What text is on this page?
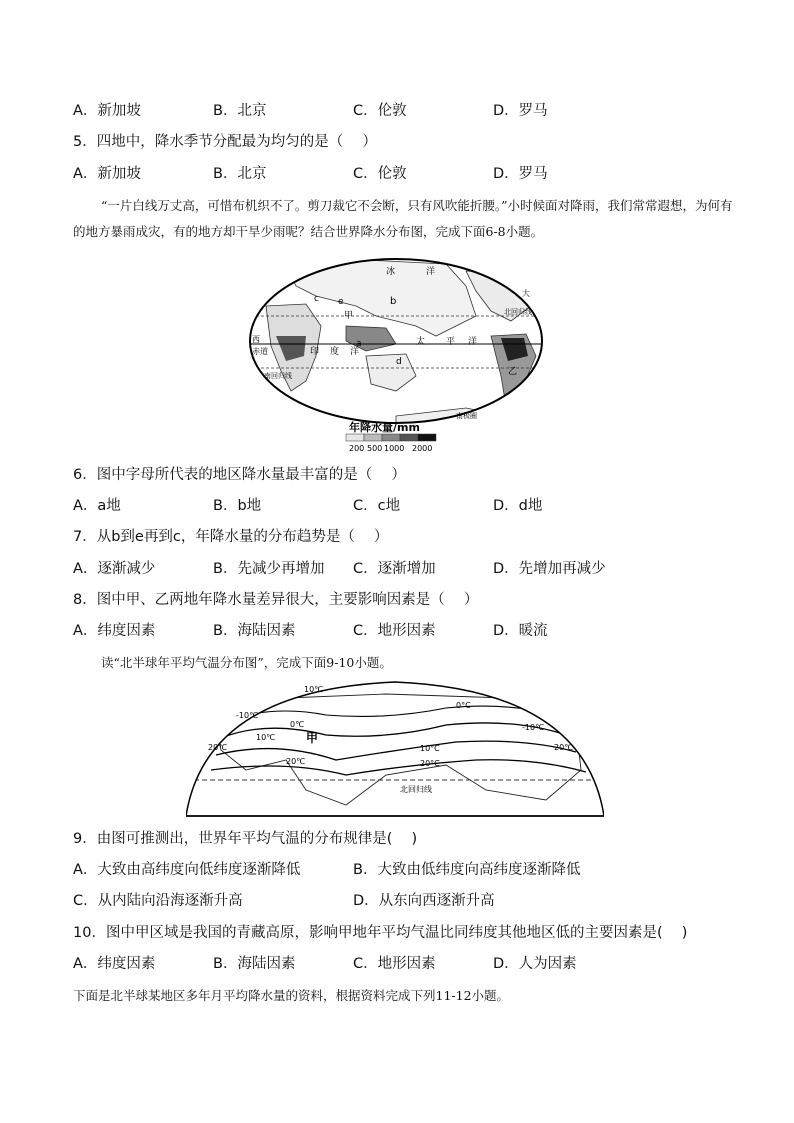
A．新加坡	B．北京	C．伦敦	D．罗马
5．四地中，降水季节分配最为均匀的是（　 ）
A．新加坡	B．北京	C．伦敦	D．罗马
“一片白线万丈高，可惜布机织不了。剪刀裁它不会断，只有风吹能折腰。”小时候面对降雨，我们常常遐想，为何有的地方暴雨成灾，有的地方却干旱少雨呢？结合世界降水分布图，完成下面6-8小题。
冰	洋
c e	b
甲
a
d
太 平 洋
印 度 洋
西
赤道
南回归线
北回归线
大
乙
南极圈
年降水量/mm
200 500 1000 2000
6．图中字母所代表的地区降水量最丰富的是（　 ）
A．a地	B．b地	C．c地	D．d地
7．从b到e再到c，年降水量的分布趋势是（　 ）
A．逐渐减少	B．先减少再增加 C．逐渐增加	D．先增加再减少
8．图中甲、乙两地年降水量差异很大，主要影响因素是（　 ）
A．纬度因素	B．海陆因素	C．地形因素	D．暖流
读“北半球年平均气温分布图”，完成下面9-10小题。
10℃
0℃
-10℃
20℃
20℃
10℃
20°C
10°C
0°C
-10℃
20℃
甲
北回归线
9．由图可推测出，世界年平均气温的分布规律是(　 )
A．大致由高纬度向低纬度逐渐降低	B．大致由低纬度向高纬度逐渐降低
C．从内陆向沿海逐渐升高	D．从东向西逐渐升高
10．图中甲区域是我国的青藏高原，影响甲地年平均气温比同纬度其他地区低的主要因素是(　 )
A．纬度因素	B．海陆因素	C．地形因素	D．人为因素
下面是北半球某地区多年月平均降水量的资料，根据资料完成下列11-12小题。
